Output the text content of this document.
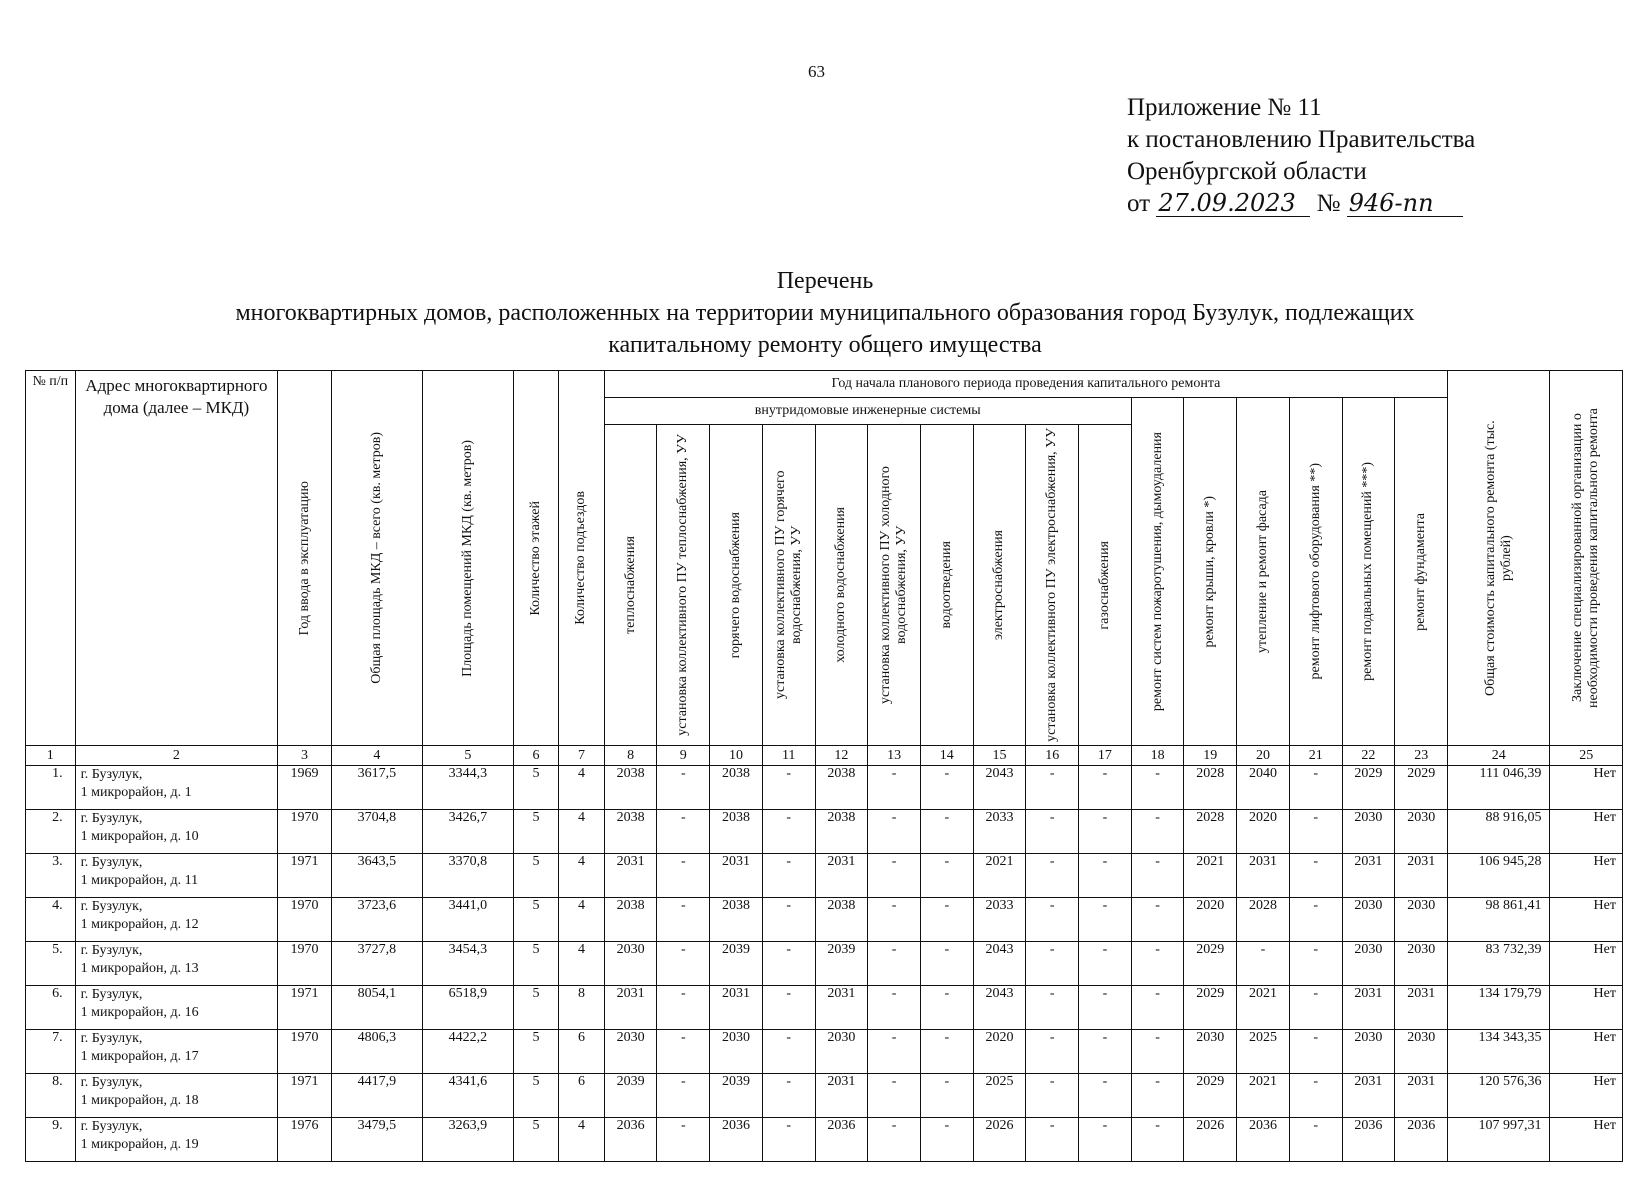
63
Приложение № 11
к постановлению Правительства
Оренбургской области
от 27.09.2023 № 946-пп
Перечень
многоквартирных домов, расположенных на территории муниципального образования город Бузулук, подлежащих
капитальному ремонту общего имущества
№ п/п	Адрес многоквартирного дома (далее – МКД)	Год ввода в эксплуатацию	Общая площадь МКД – всего (кв. метров)	Площадь помещений МКД (кв. метров)	Количество этажей	Количество подъездов	Год начала планового периода проведения капитального ремонта																Общая стоимость капитального ремонта (тыс. рублей)	Заключение специализированной организации о необходимости проведения капитального ремонта

							внутридомовые инженерные системы										ремонт систем пожаротушения, дымоудаления	ремонт крыши, кровли *)	утепление и ремонт фасада	ремонт лифтового оборудования **)	ремонт подвальных помещений ***)	ремонт фундамента		

							теплоснабжения	установка коллективного ПУ теплоснабжения, УУ	горячего водоснабжения	установка коллективного ПУ горячего водоснабжения, УУ	холодного водоснабжения	установка коллективного ПУ холодного водоснабжения, УУ	водоотведения	электроснабжения	установка коллективного ПУ электроснабжения, УУ	газоснабжения								

1	2	3	4	5	6	7	8	9	10	11	12	13	14	15	16	17	18	19	20	21	22	23	24	25
1.	г. Бузулук,
1 микрорайон, д. 1	1969	3617,5	3344,3	5	4	2038	-	2038	-	2038	-	-	2043	-	-	-	2028	2040	-	2029	2029	111 046,39	Нет
2.	г. Бузулук,
1 микрорайон, д. 10	1970	3704,8	3426,7	5	4	2038	-	2038	-	2038	-	-	2033	-	-	-	2028	2020	-	2030	2030	88 916,05	Нет
3.	г. Бузулук,
1 микрорайон, д. 11	1971	3643,5	3370,8	5	4	2031	-	2031	-	2031	-	-	2021	-	-	-	2021	2031	-	2031	2031	106 945,28	Нет
4.	г. Бузулук,
1 микрорайон, д. 12	1970	3723,6	3441,0	5	4	2038	-	2038	-	2038	-	-	2033	-	-	-	2020	2028	-	2030	2030	98 861,41	Нет
5.	г. Бузулук,
1 микрорайон, д. 13	1970	3727,8	3454,3	5	4	2030	-	2039	-	2039	-	-	2043	-	-	-	2029	-	-	2030	2030	83 732,39	Нет
6.	г. Бузулук,
1 микрорайон, д. 16	1971	8054,1	6518,9	5	8	2031	-	2031	-	2031	-	-	2043	-	-	-	2029	2021	-	2031	2031	134 179,79	Нет
7.	г. Бузулук,
1 микрорайон, д. 17	1970	4806,3	4422,2	5	6	2030	-	2030	-	2030	-	-	2020	-	-	-	2030	2025	-	2030	2030	134 343,35	Нет
8.	г. Бузулук,
1 микрорайон, д. 18	1971	4417,9	4341,6	5	6	2039	-	2039	-	2031	-	-	2025	-	-	-	2029	2021	-	2031	2031	120 576,36	Нет
9.	г. Бузулук,
1 микрорайон, д. 19	1976	3479,5	3263,9	5	4	2036	-	2036	-	2036	-	-	2026	-	-	-	2026	2036	-	2036	2036	107 997,31	Нет
